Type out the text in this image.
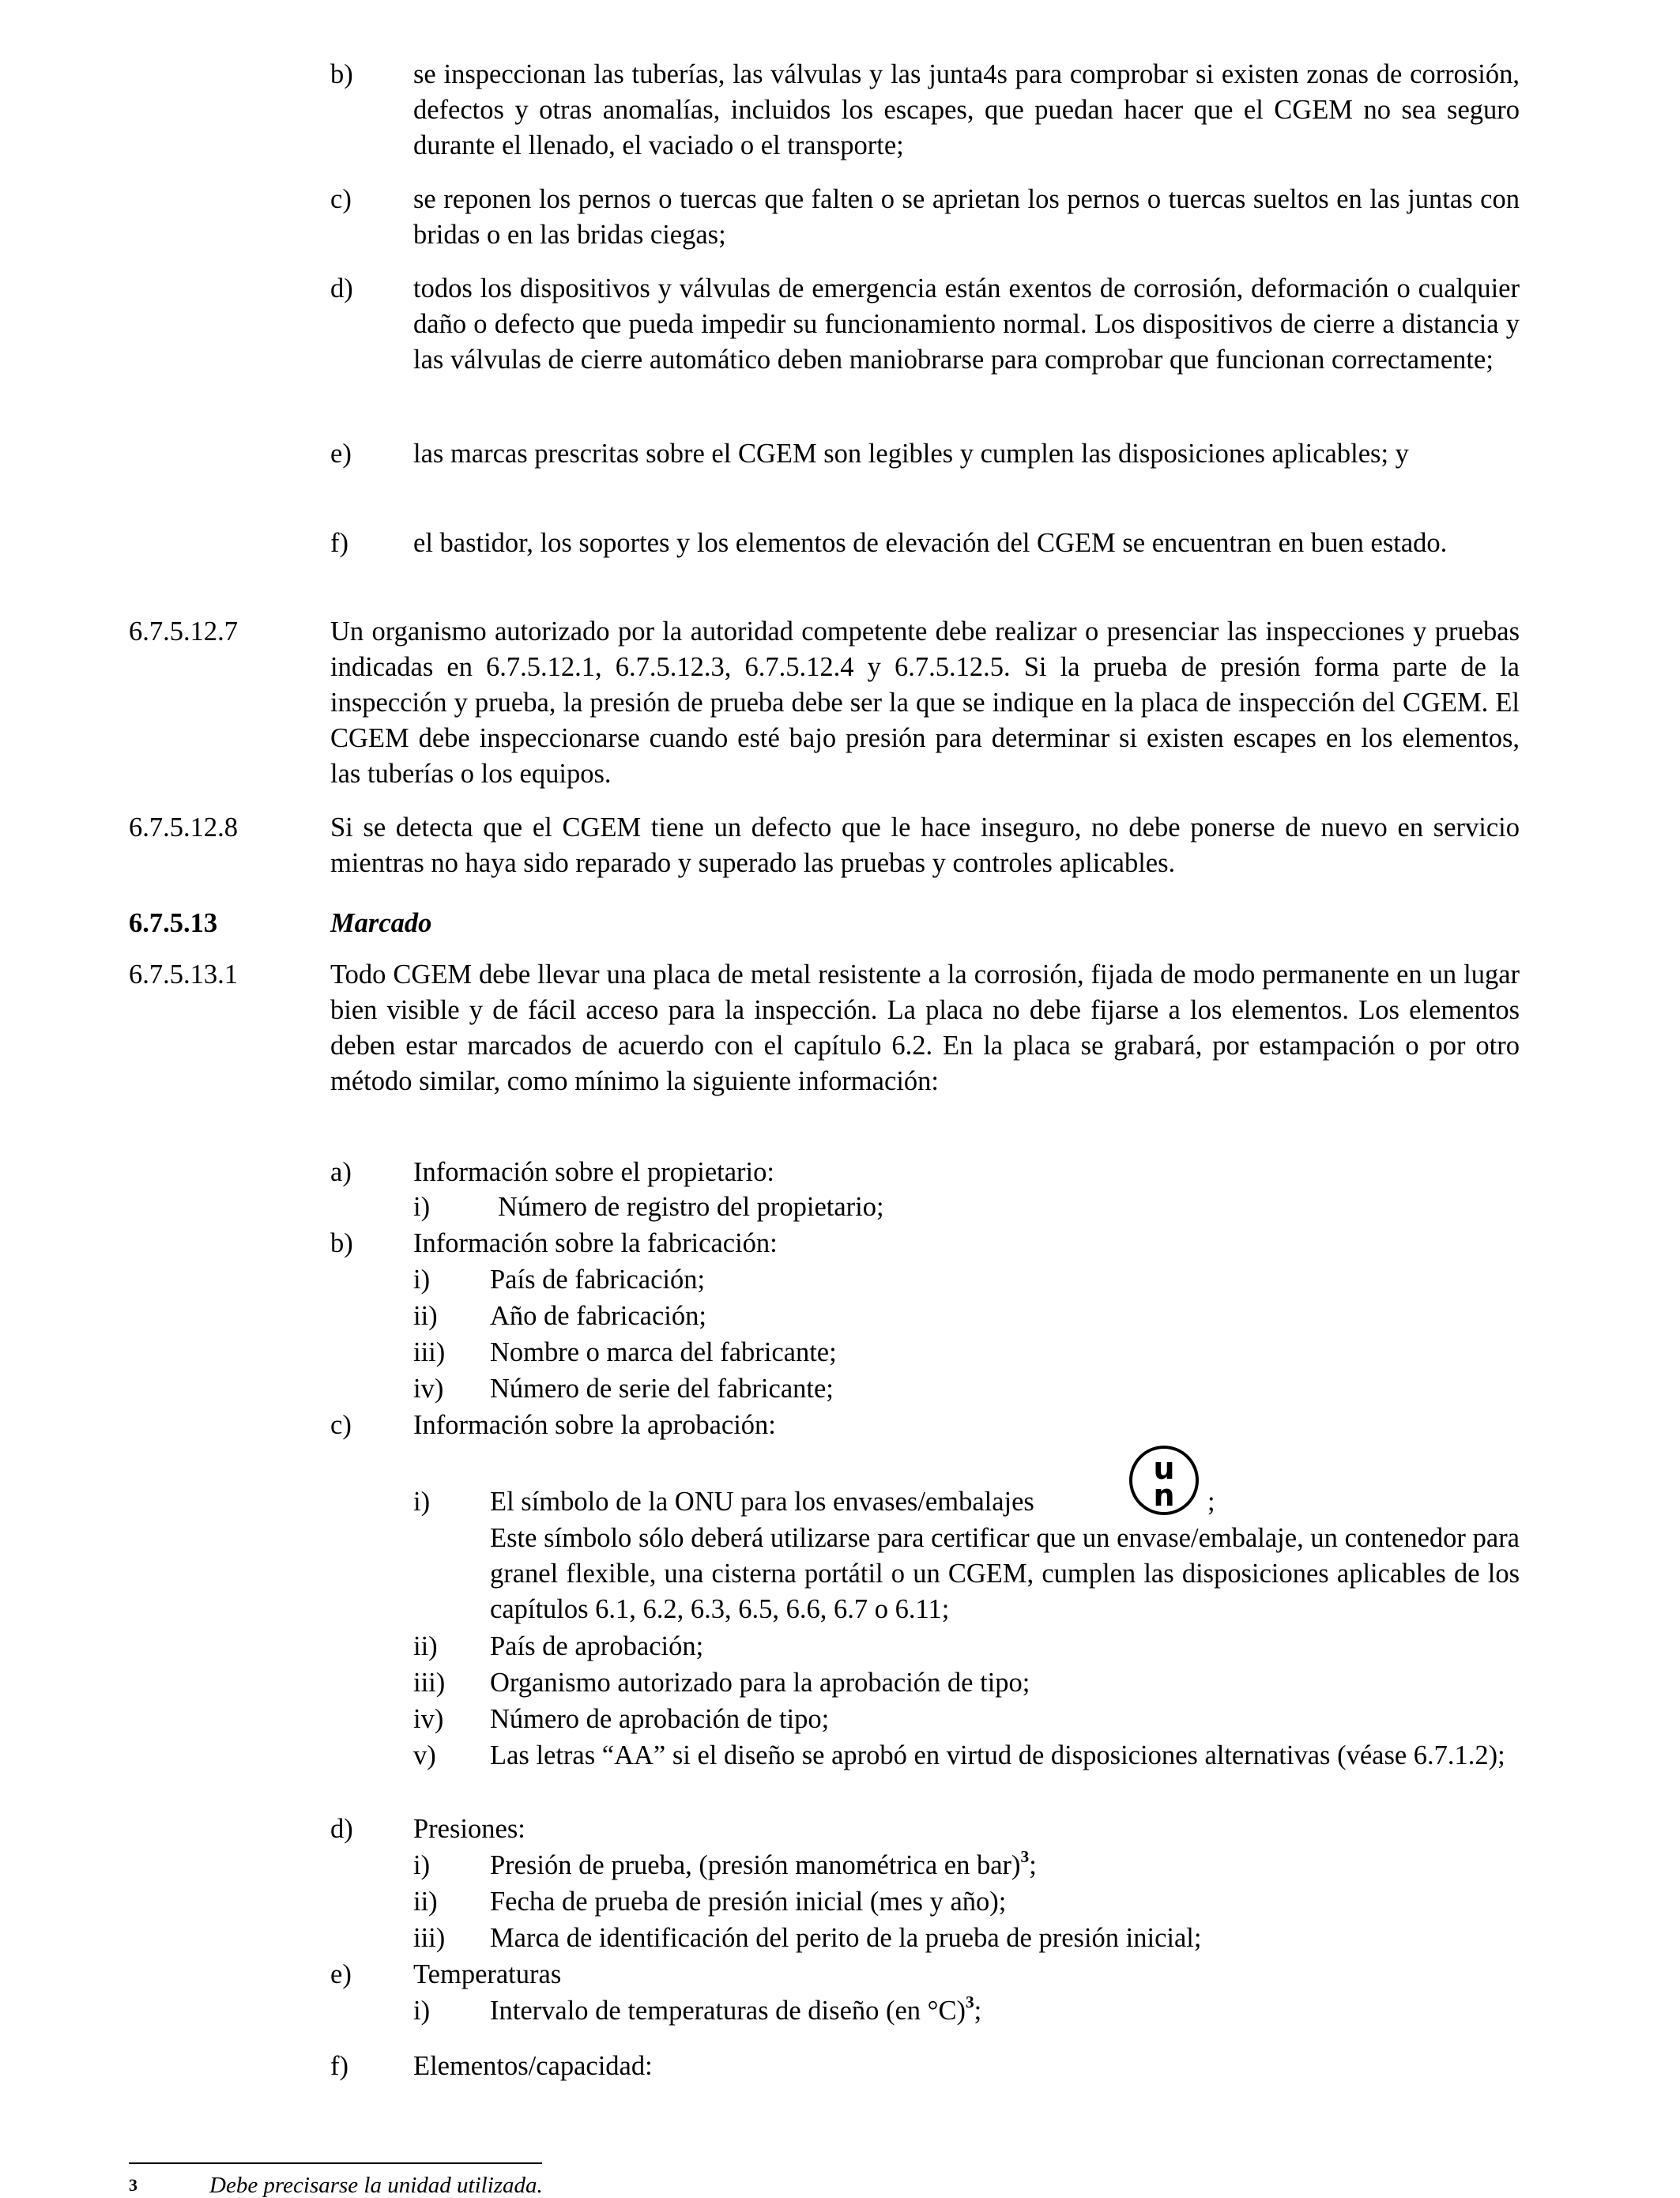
b) se inspeccionan las tuberías, las válvulas y las junta4s para comprobar si existen zonas de corrosión, defectos y otras anomalías, incluidos los escapes, que puedan hacer que el CGEM no sea seguro durante el llenado, el vaciado o el transporte;
c) se reponen los pernos o tuercas que falten o se aprietan los pernos o tuercas sueltos en las juntas con bridas o en las bridas ciegas;
d) todos los dispositivos y válvulas de emergencia están exentos de corrosión, deformación o cualquier daño o defecto que pueda impedir su funcionamiento normal. Los dispositivos de cierre a distancia y las válvulas de cierre automático deben maniobrarse para comprobar que funcionan correctamente;
e) las marcas prescritas sobre el CGEM son legibles y cumplen las disposiciones aplicables; y
f) el bastidor, los soportes y los elementos de elevación del CGEM se encuentran en buen estado.
6.7.5.12.7	Un organismo autorizado por la autoridad competente debe realizar o presenciar las inspecciones y pruebas indicadas en 6.7.5.12.1, 6.7.5.12.3, 6.7.5.12.4 y 6.7.5.12.5. Si la prueba de presión forma parte de la inspección y prueba, la presión de prueba debe ser la que se indique en la placa de inspección del CGEM. El CGEM debe inspeccionarse cuando esté bajo presión para determinar si existen escapes en los elementos, las tuberías o los equipos.
6.7.5.12.8	Si se detecta que el CGEM tiene un defecto que le hace inseguro, no debe ponerse de nuevo en servicio mientras no haya sido reparado y superado las pruebas y controles aplicables.
6.7.5.13	Marcado
6.7.5.13.1	Todo CGEM debe llevar una placa de metal resistente a la corrosión, fijada de modo permanente en un lugar bien visible y de fácil acceso para la inspección. La placa no debe fijarse a los elementos. Los elementos deben estar marcados de acuerdo con el capítulo 6.2. En la placa se grabará, por estampación o por otro método similar, como mínimo la siguiente información:
a) Información sobre el propietario:
i) Número de registro del propietario;
b) Información sobre la fabricación:
i) País de fabricación;
ii) Año de fabricación;
iii) Nombre o marca del fabricante;
iv) Número de serie del fabricante;
c) Información sobre la aprobación:
i) El símbolo de la ONU para los envases/embalajes
u
n ;
Este símbolo sólo deberá utilizarse para certificar que un envase/embalaje, un contenedor para granel flexible, una cisterna portátil o un CGEM, cumplen las disposiciones aplicables de los capítulos 6.1, 6.2, 6.3, 6.5, 6.6, 6.7 o 6.11;
ii) País de aprobación;
iii) Organismo autorizado para la aprobación de tipo;
iv) Número de aprobación de tipo;
v) Las letras “AA” si el diseño se aprobó en virtud de disposiciones alternativas (véase 6.7.1.2);
d) Presiones:
i) Presión de prueba, (presión manométrica en bar)$^3$;
ii) Fecha de prueba de presión inicial (mes y año);
iii) Marca de identificación del perito de la prueba de presión inicial;
e) Temperaturas
i) Intervalo de temperaturas de diseño (en °C)$^3$;
f) Elementos/capacidad:
3	Debe precisarse la unidad utilizada.
